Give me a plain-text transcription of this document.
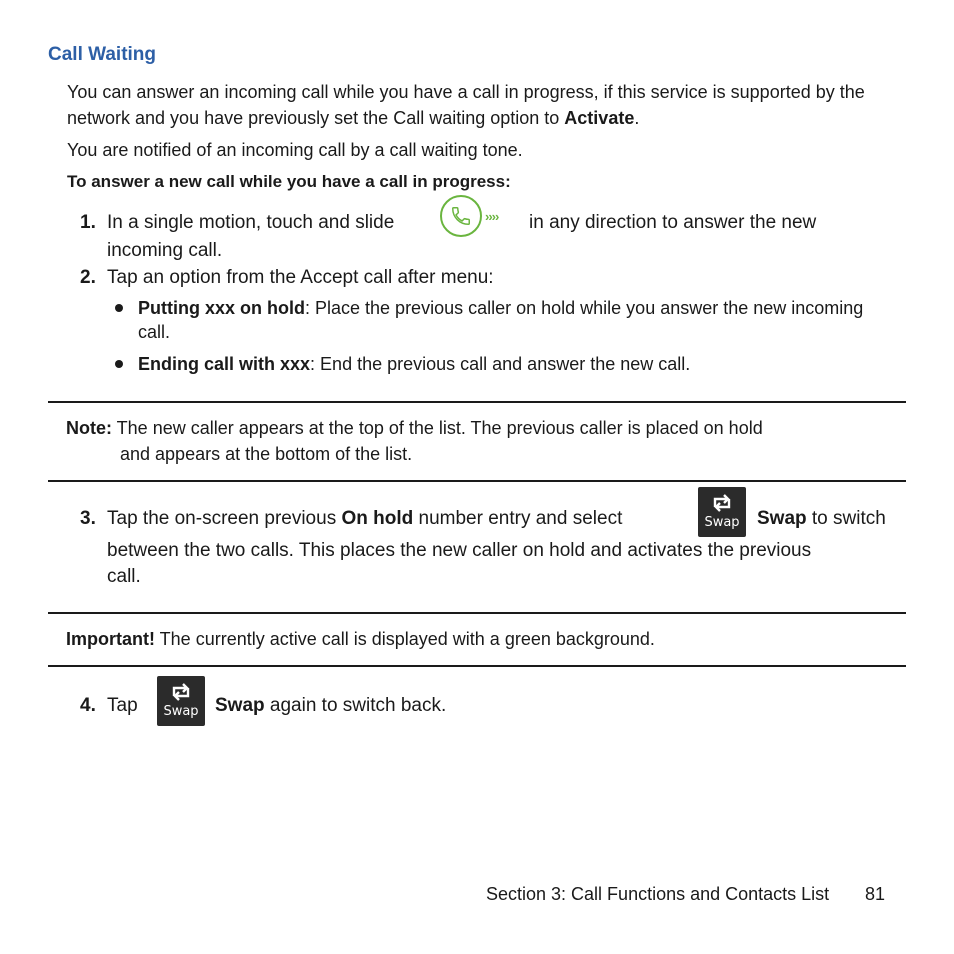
Call Waiting
You can answer an incoming call while you have a call in progress, if this service is supported by the network and you have previously set the Call waiting option to Activate.
You are notified of an incoming call by a call waiting tone.
To answer a new call while you have a call in progress:
1. In a single motion, touch and slide	›››› in any direction to answer the new
incoming call.
2. Tap an option from the Accept call after menu:
Putting xxx on hold: Place the previous caller on hold while you answer the new incoming call.
Ending call with xxx: End the previous call and answer the new call.
Note: The new caller appears at the top of the list. The previous caller is placed on hold
and appears at the bottom of the list.
3. Tap the on-screen previous On hold number entry and select	Swap Swap to switch
between the two calls. This places the new caller on hold and activates the previous
call.
Important! The currently active call is displayed with a green background.
4. Tap	Swap Swap again to switch back.
Section 3: Call Functions and Contacts List 81
